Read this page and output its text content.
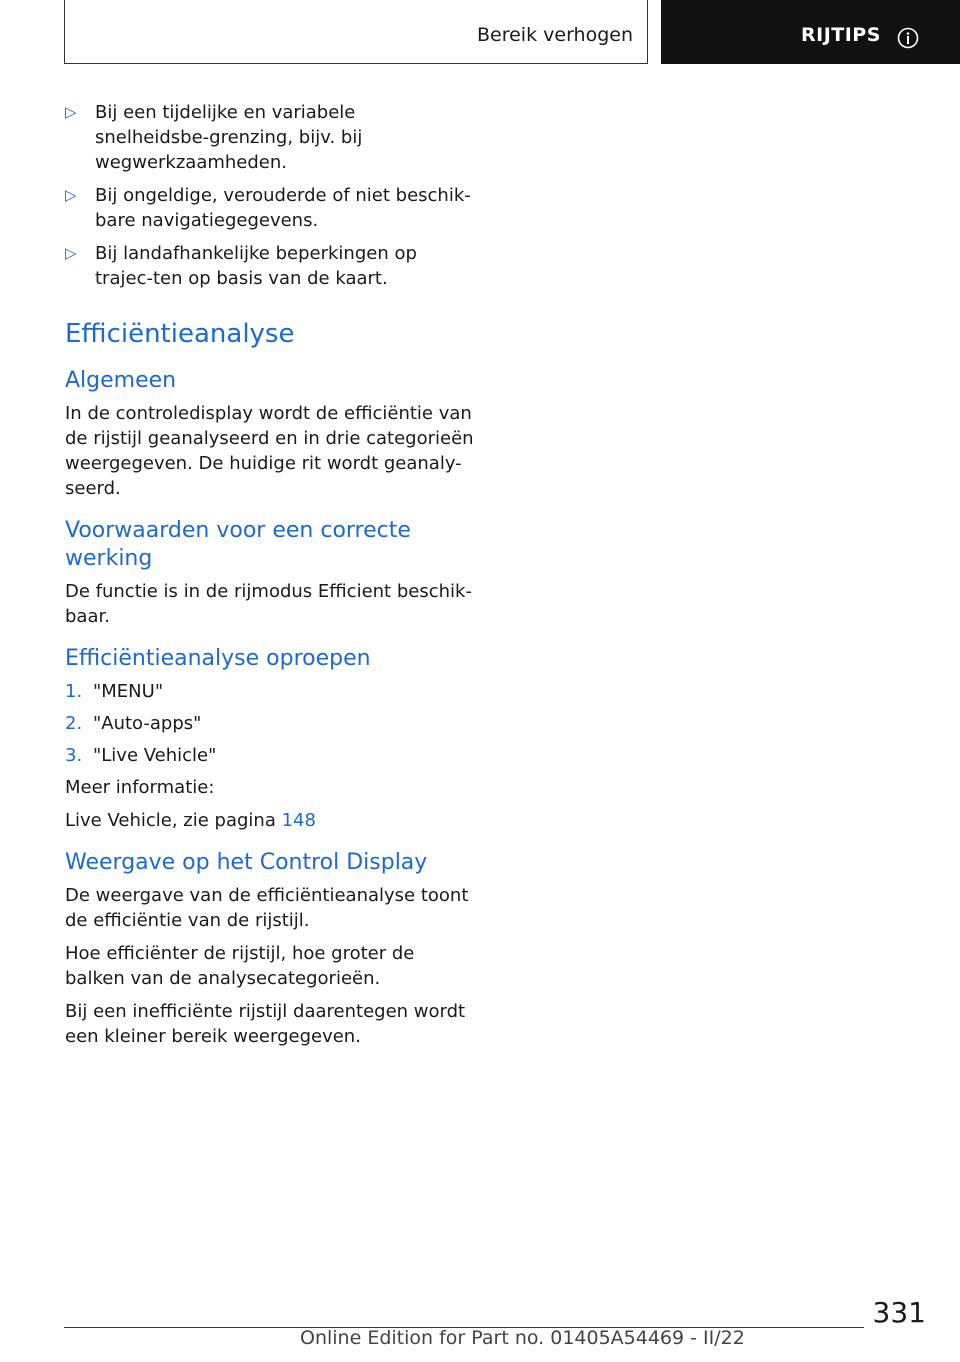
Bereik verhogen	RIJTIPS
▷ Bij een tijdelijke en variabele snelheidsbe-grenzing, bijv. bij wegwerkzaamheden.
▷ Bij ongeldige, verouderde of niet beschik-bare navigatiegegevens.
▷ Bij landafhankelijke beperkingen op trajec-ten op basis van de kaart.
Efficiëntieanalyse
Algemeen

In de controledisplay wordt de efficiëntie van de rijstijl geanalyseerd en in drie categorieën weergegeven. De huidige rit wordt geanaly-seerd.

Voorwaarden voor een correcte werking

De functie is in de rijmodus Efficient beschik-baar.

Efficiëntieanalyse oproepen
1. "MENU"
2. "Auto-apps"
3. "Live Vehicle"

Meer informatie:

Live Vehicle, zie pagina 148

Weergave op het Control Display

De weergave van de efficiëntieanalyse toont de efficiëntie van de rijstijl.

Hoe efficiënter de rijstijl, hoe groter de balken van de analysecategorieën.

Bij een inefficiënte rijstijl daarentegen wordt een kleiner bereik weergegeven.

331
Online Edition for Part no. 01405A54469 - II/22
